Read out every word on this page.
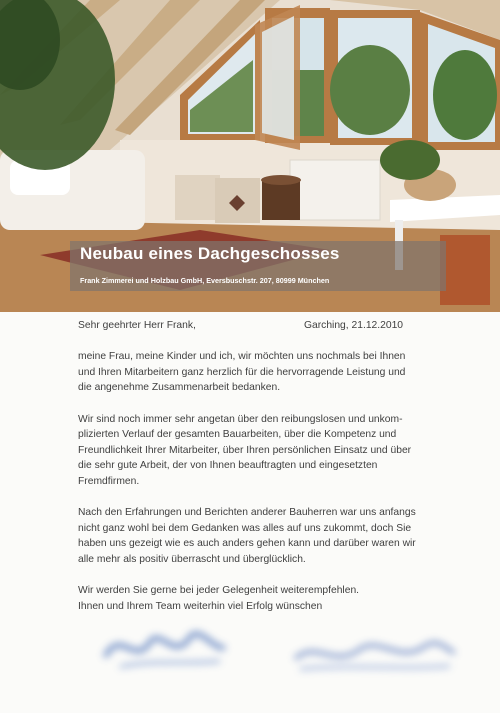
Neubau eines Dachgeschosses
Frank Zimmerei und Holzbau GmbH, Eversbuschstr. 207, 80999 München
Sehr geehrter Herr Frank,	Garching, 21.12.2010

meine Frau, meine Kinder und ich, wir möchten uns nochmals bei Ihnen
und Ihren Mitarbeitern ganz herzlich für die hervorragende Leistung und
die angenehme Zusammenarbeit bedanken.

Wir sind noch immer sehr angetan über den reibungslosen und unkom-
plizierten Verlauf der gesamten Bauarbeiten, über die Kompetenz und
Freundlichkeit Ihrer Mitarbeiter, über Ihren persönlichen Einsatz und über
die sehr gute Arbeit, der von Ihnen beauftragten und eingesetzten
Fremdfirmen.

Nach den Erfahrungen und Berichten anderer Bauherren war uns anfangs
nicht ganz wohl bei dem Gedanken was alles auf uns zukommt, doch Sie
haben uns gezeigt wie es auch anders gehen kann und darüber waren wir
alle mehr als positiv überrascht und überglücklich.

Wir werden Sie gerne bei jeder Gelegenheit weiterempfehlen.
Ihnen und Ihrem Team weiterhin viel Erfolg wünschen
